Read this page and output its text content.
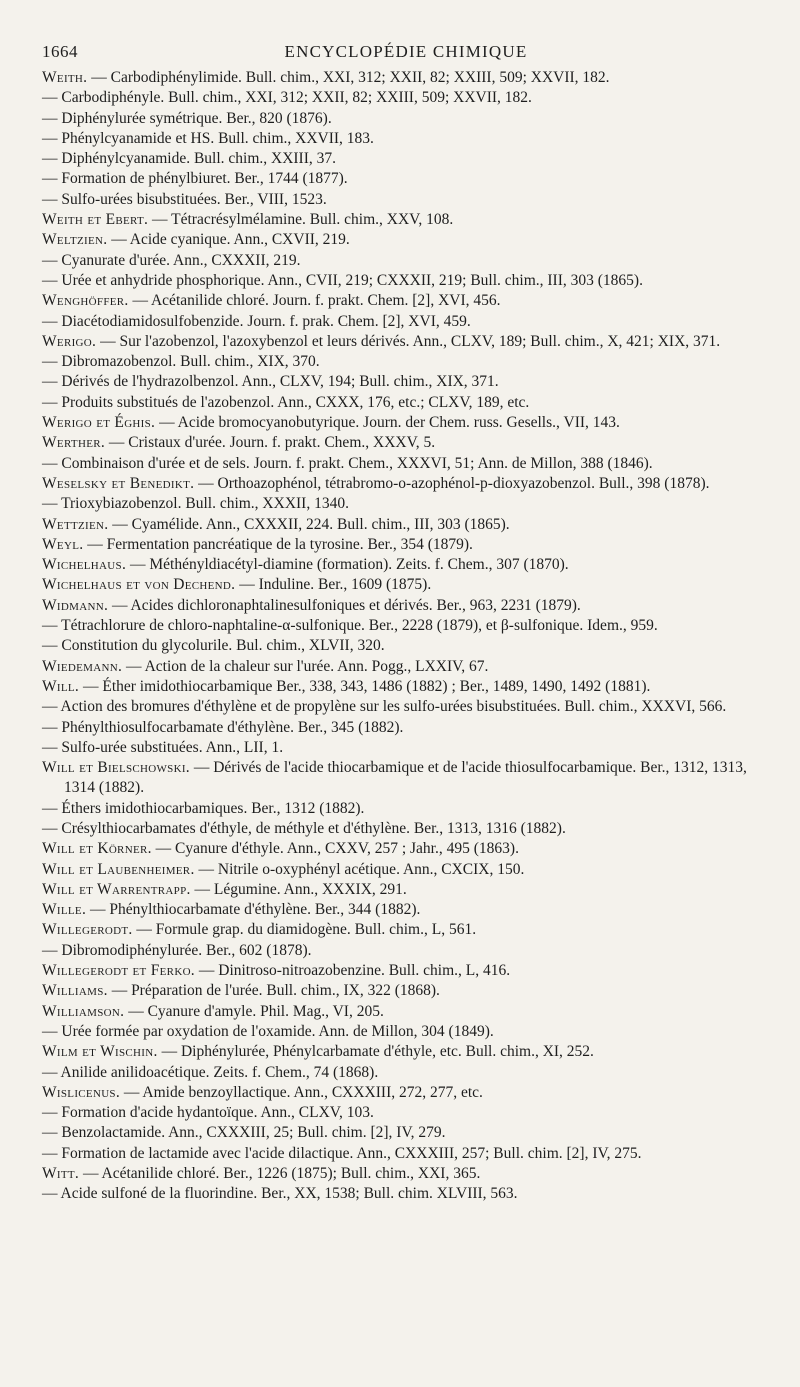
1664	ENCYCLOPÉDIE CHIMIQUE

Weith. — Carbodiphénylimide. Bull. chim., XXI, 312; XXII, 82; XXIII, 509; XXVII, 182.

— Carbodiphényle. Bull. chim., XXI, 312; XXII, 82; XXIII, 509; XXVII, 182.

— Diphénylurée symétrique. Ber., 820 (1876).

— Phénylcyanamide et HS. Bull. chim., XXVII, 183.

— Diphénylcyanamide. Bull. chim., XXIII, 37.

— Formation de phénylbiuret. Ber., 1744 (1877).

— Sulfo-urées bisubstituées. Ber., VIII, 1523.

Weith et Ebert. — Tétracrésylmélamine. Bull. chim., XXV, 108.

Weltzien. — Acide cyanique. Ann., CXVII, 219.

— Cyanurate d'urée. Ann., CXXXII, 219.

— Urée et anhydride phosphorique. Ann., CVII, 219; CXXXII, 219; Bull. chim., III, 303 (1865).

Wenghöffer. — Acétanilide chloré. Journ. f. prakt. Chem. [2], XVI, 456.

— Diacétodiamidosulfobenzide. Journ. f. prak. Chem. [2], XVI, 459.

Werigo. — Sur l'azobenzol, l'azoxybenzol et leurs dérivés. Ann., CLXV, 189; Bull. chim., X, 421; XIX, 371.

— Dibromazobenzol. Bull. chim., XIX, 370.

— Dérivés de l'hydrazolbenzol. Ann., CLXV, 194; Bull. chim., XIX, 371.

— Produits substitués de l'azobenzol. Ann., CXXX, 176, etc.; CLXV, 189, etc.

Werigo et Éghis. — Acide bromocyanobutyrique. Journ. der Chem. russ. Gesells., VII, 143.

Werther. — Cristaux d'urée. Journ. f. prakt. Chem., XXXV, 5.

— Combinaison d'urée et de sels. Journ. f. prakt. Chem., XXXVI, 51; Ann. de Millon, 388 (1846).

Weselsky et Benedikt. — Orthoazophénol, tétrabromo-o-azophénol-p-dioxyazobenzol. Bull., 398 (1878).

— Trioxybiazobenzol. Bull. chim., XXXII, 1340.

Wettzien. — Cyamélide. Ann., CXXXII, 224. Bull. chim., III, 303 (1865).

Weyl. — Fermentation pancréatique de la tyrosine. Ber., 354 (1879).

Wichelhaus. — Méthényldiacétyl-diamine (formation). Zeits. f. Chem., 307 (1870).

Wichelhaus et von Dechend. — Induline. Ber., 1609 (1875).

Widmann. — Acides dichloronaphtalinesulfoniques et dérivés. Ber., 963, 2231 (1879).

— Tétrachlorure de chloro-naphtaline-α-sulfonique. Ber., 2228 (1879), et β-sulfonique. Idem., 959.

— Constitution du glycolurile. Bul. chim., XLVII, 320.

Wiedemann. — Action de la chaleur sur l'urée. Ann. Pogg., LXXIV, 67.

Will. — Éther imidothiocarbamique Ber., 338, 343, 1486 (1882) ; Ber., 1489, 1490, 1492 (1881).

— Action des bromures d'éthylène et de propylène sur les sulfo-urées bisubstituées. Bull. chim., XXXVI, 566.

— Phénylthiosulfocarbamate d'éthylène. Ber., 345 (1882).

— Sulfo-urée substituées. Ann., LII, 1.

Will et Bielschowski. — Dérivés de l'acide thiocarbamique et de l'acide thiosulfocarbamique. Ber., 1312, 1313, 1314 (1882).

— Éthers imidothiocarbamiques. Ber., 1312 (1882).

— Crésylthiocarbamates d'éthyle, de méthyle et d'éthylène. Ber., 1313, 1316 (1882).

Will et Körner. — Cyanure d'éthyle. Ann., CXXV, 257 ; Jahr., 495 (1863).

Will et Laubenheimer. — Nitrile o-oxyphényl acétique. Ann., CXCIX, 150.

Will et Warrentrapp. — Légumine. Ann., XXXIX, 291.

Wille. — Phénylthiocarbamate d'éthylène. Ber., 344 (1882).

Willegerodt. — Formule grap. du diamidogène. Bull. chim., L, 561.

— Dibromodiphénylurée. Ber., 602 (1878).

Willegerodt et Ferko. — Dinitroso-nitroazobenzine. Bull. chim., L, 416.

Williams. — Préparation de l'urée. Bull. chim., IX, 322 (1868).

Williamson. — Cyanure d'amyle. Phil. Mag., VI, 205.

— Urée formée par oxydation de l'oxamide. Ann. de Millon, 304 (1849).

Wilm et Wischin. — Diphénylurée, Phénylcarbamate d'éthyle, etc. Bull. chim., XI, 252.

— Anilide anilidoacétique. Zeits. f. Chem., 74 (1868).

Wislicenus. — Amide benzoyllactique. Ann., CXXXIII, 272, 277, etc.

— Formation d'acide hydantoïque. Ann., CLXV, 103.

— Benzolactamide. Ann., CXXXIII, 25; Bull. chim. [2], IV, 279.

— Formation de lactamide avec l'acide dilactique. Ann., CXXXIII, 257; Bull. chim. [2], IV, 275.

Witt. — Acétanilide chloré. Ber., 1226 (1875); Bull. chim., XXI, 365.

— Acide sulfoné de la fluorindine. Ber., XX, 1538; Bull. chim. XLVIII, 563.
